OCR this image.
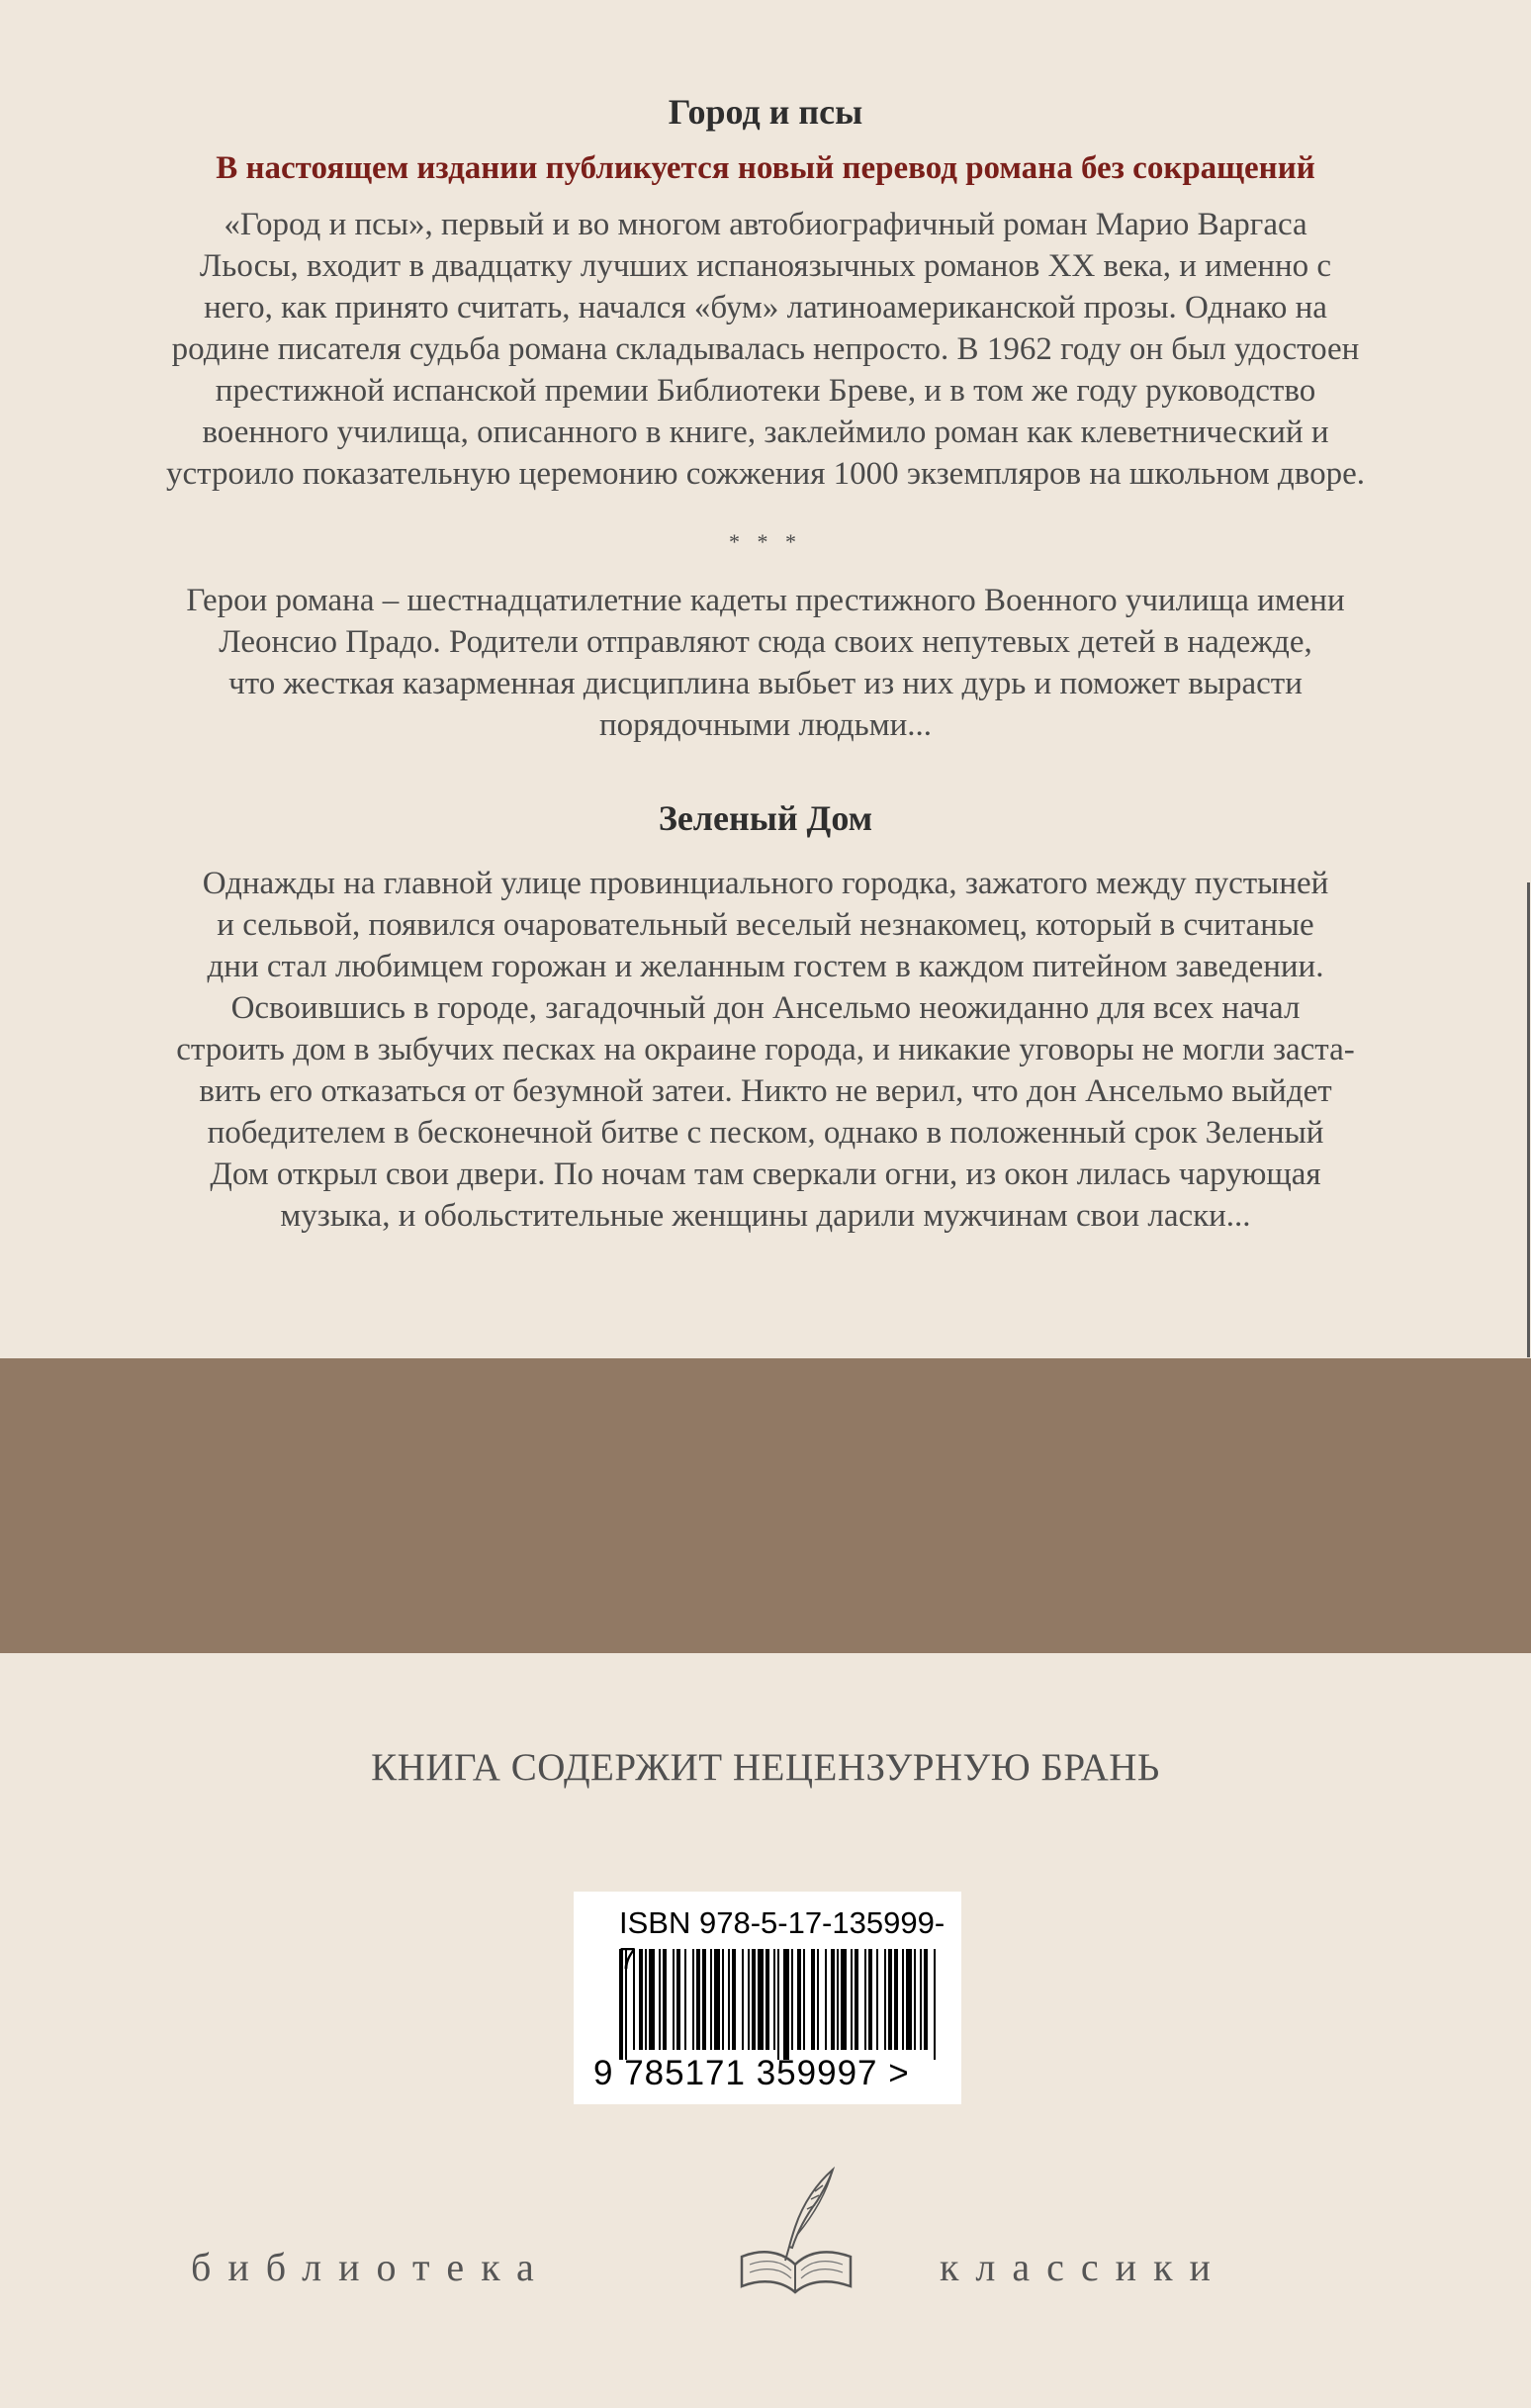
Город и псы
В настоящем издании публикуется новый перевод романа без сокращений
«Город и псы», первый и во многом автобиографичный роман Марио Варгаса
Льосы, входит в двадцатку лучших испаноязычных романов XX века, и именно с
него, как принято считать, начался «бум» латиноамериканской прозы. Однако на
родине писателя судьба романа складывалась непросто. В 1962 году он был удостоен
престижной испанской премии Библиотеки Бреве, и в том же году руководство
военного училища, описанного в книге, заклеймило роман как клеветнический и
устроило показательную церемонию сожжения 1000 экземпляров на школьном дворе.
* * *
Герои романа – шестнадцатилетние кадеты престижного Военного училища имени
Леонсио Прадо. Родители отправляют сюда своих непутевых детей в надежде,
что жесткая казарменная дисциплина выбьет из них дурь и поможет вырасти
порядочными людьми...
Зеленый Дом
Однажды на главной улице провинциального городка, зажатого между пустыней
и сельвой, появился очаровательный веселый незнакомец, который в считаные
дни стал любимцем горожан и желанным гостем в каждом питейном заведении.
Освоившись в городе, загадочный дон Ансельмо неожиданно для всех начал
строить дом в зыбучих песках на окраине города, и никакие уговоры не могли заста-
вить его отказаться от безумной затеи. Никто не верил, что дон Ансельмо выйдет
победителем в бесконечной битве с песком, однако в положенный срок Зеленый
Дом открыл свои двери. По ночам там сверкали огни, из окон лилась чарующая
музыка, и обольстительные женщины дарили мужчинам свои ласки...
КНИГА СОДЕРЖИТ НЕЦЕНЗУРНУЮ БРАНЬ
ISBN 978-5-17-135999-7
9 785171 359997 >
библиотека	классики
